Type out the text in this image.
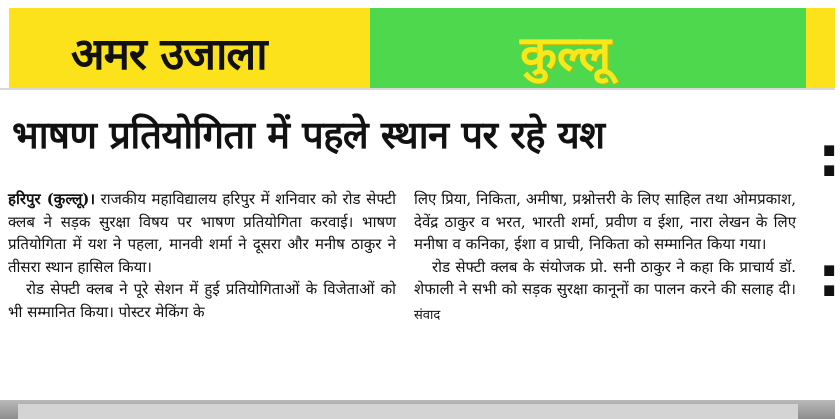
अमर उजाला	कुल्लू
भाषण प्रतियोगिता में पहले स्थान पर रहे यश

हरिपुर (कुल्लू)। राजकीय महाविद्यालय हरिपुर में शनिवार को रोड सेफ्टी क्लब ने सड़क सुरक्षा विषय पर भाषण प्रतियोगिता करवाई। भाषण प्रतियोगिता में यश ने पहला, मानवी शर्मा ने दूसरा और मनीष ठाकुर ने तीसरा स्थान हासिल किया।

रोड सेफ्टी क्लब ने पूरे सेशन में हुई प्रतियोगिताओं के विजेताओं को भी सम्मानित किया। पोस्टर मेकिंग के

लिए प्रिया, निकिता, अमीषा, प्रश्नोत्तरी के लिए साहिल तथा ओमप्रकाश, देवेंद्र ठाकुर व भरत, भारती शर्मा, प्रवीण व ईशा, नारा लेखन के लिए मनीषा व कनिका, ईशा व प्राची, निकिता को सम्मानित किया गया।

रोड सेफ्टी क्लब के संयोजक प्रो. सनी ठाकुर ने कहा कि प्राचार्य डॉ. शेफाली ने सभी को सड़क सुरक्षा कानूनों का पालन करने की सलाह दी। संवाद

:
:
